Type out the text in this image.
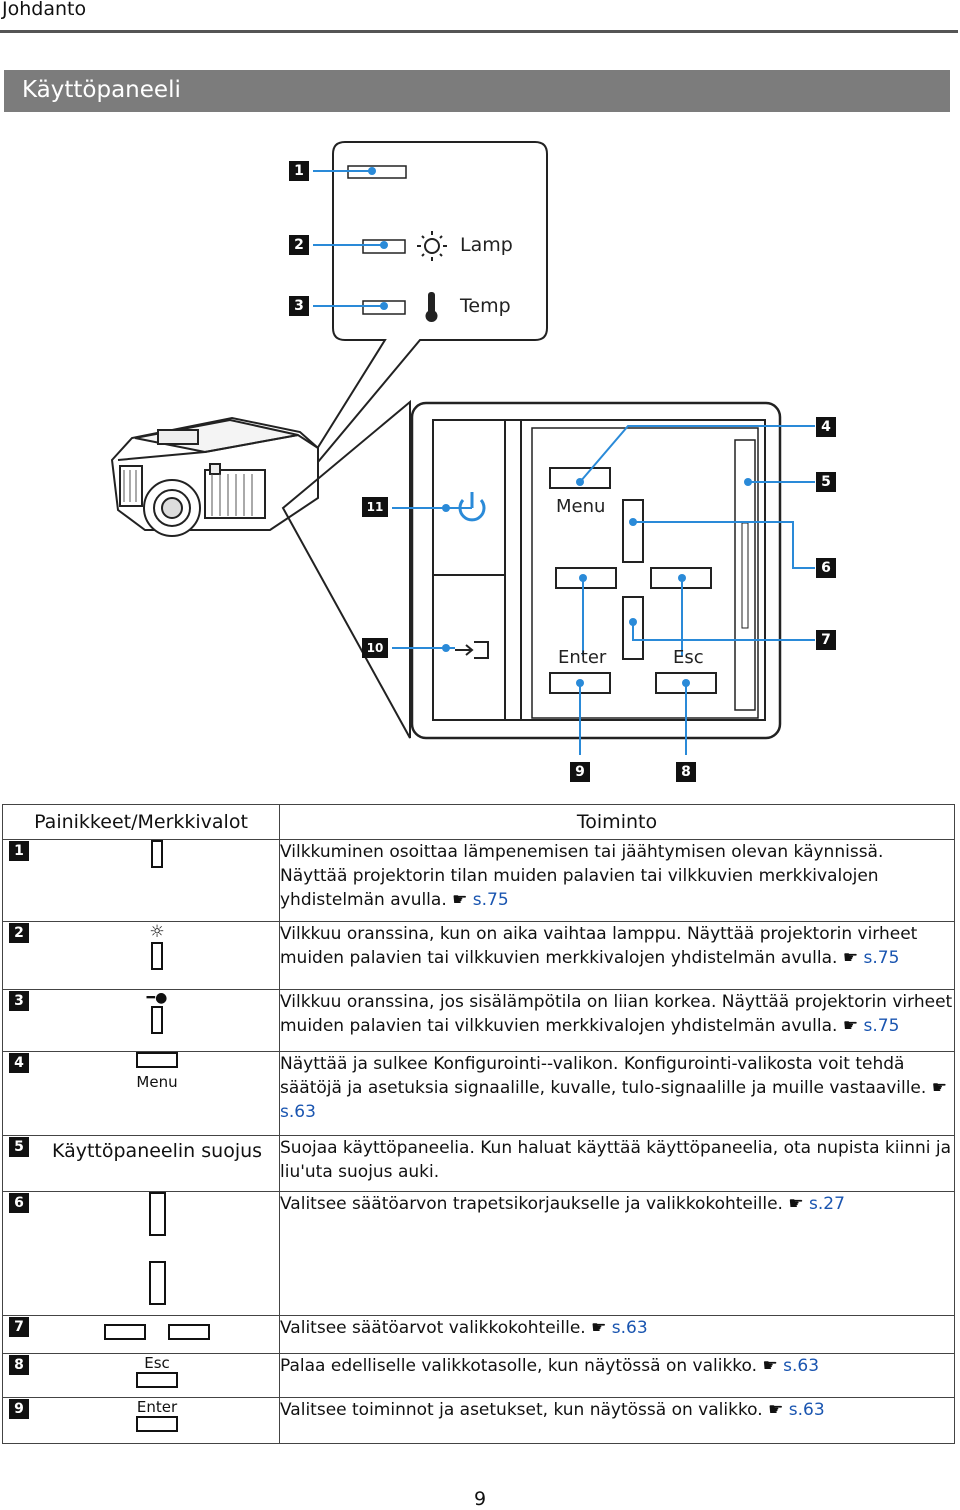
Johdanto
Käyttöpaneeli
1
2
3
4
5
6
7
8
9
10
11
Lamp
Temp
Menu
Enter	Esc
Painikkeet/Merkkivalot		Toiminto
1		Vilkkuminen osoittaa lämpenemisen tai jäähtymisen olevan käynnissä. Näyttää projektorin tilan muiden palavien tai vilkkuvien merkkivalojen yhdistelmän avulla. ☛ s.75
2	☼	Vilkkuu oranssina, kun on aika vaihtaa lamppu. Näyttää projektorin virheet muiden palavien tai vilkkuvien merkkivalojen yhdistelmän avulla. ☛ s.75
3	━●	Vilkkuu oranssina, jos sisälämpötila on liian korkea. Näyttää projektorin virheet muiden palavien tai vilkkuvien merkkivalojen yhdistelmän avulla. ☛ s.75
4	Menu	Näyttää ja sulkee Konfigurointi--valikon. Konfigurointi-valikosta voit tehdä säätöjä ja asetuksia signaalille, kuvalle, tulo-signaalille ja muille vastaaville. ☛ s.63
5	Käyttöpaneelin suojus	Suojaa käyttöpaneelia. Kun haluat käyttää käyttöpaneelia, ota nupista kiinni ja liu'uta suojus auki.
6		Valitsee säätöarvon trapetsikorjaukselle ja valikkokohteille. ☛ s.27
7		Valitsee säätöarvot valikkokohteille. ☛ s.63
8	Esc	Palaa edelliselle valikkotasolle, kun näytössä on valikko. ☛ s.63
9	Enter	Valitsee toiminnot ja asetukset, kun näytössä on valikko. ☛ s.63
9
